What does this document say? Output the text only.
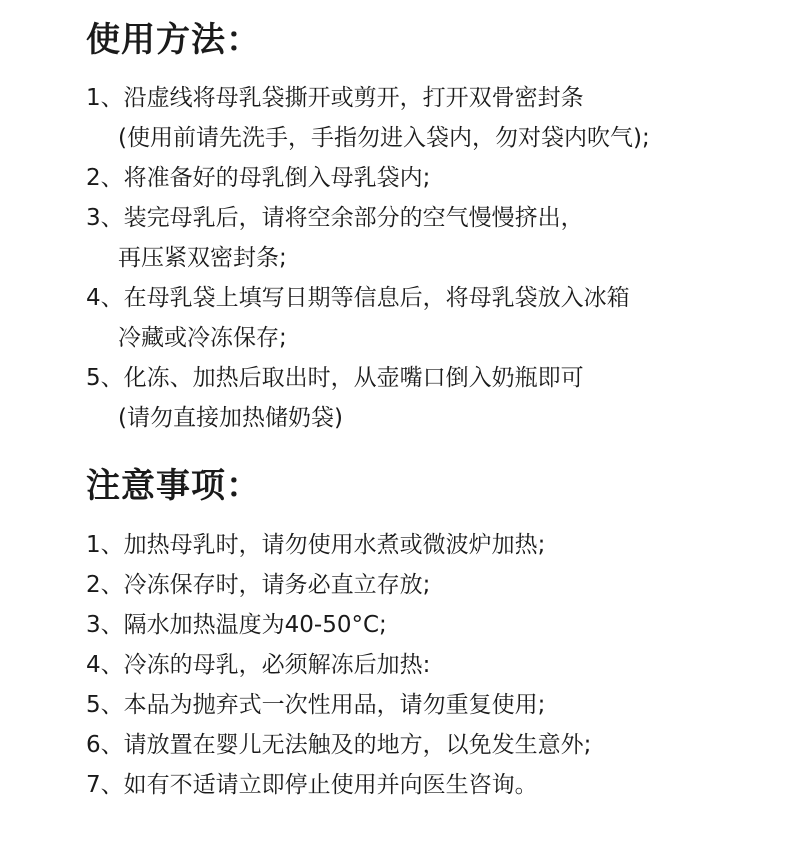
使用方法：

1、沿虚线将母乳袋撕开或剪开，打开双骨密封条

(使用前请先洗手，手指勿进入袋内，勿对袋内吹气);

2、将准备好的母乳倒入母乳袋内;

3、装完母乳后，请将空余部分的空气慢慢挤出，

再压紧双密封条;

4、在母乳袋上填写日期等信息后，将母乳袋放入冰箱

冷藏或冷冻保存;

5、化冻、加热后取出时，从壶嘴口倒入奶瓶即可

(请勿直接加热储奶袋)

注意事项：

1、加热母乳时，请勿使用水煮或微波炉加热;

2、冷冻保存时，请务必直立存放;

3、隔水加热温度为40-50°C;

4、冷冻的母乳，必须解冻后加热:

5、本品为抛弃式一次性用品，请勿重复使用;

6、请放置在婴儿无法触及的地方，以免发生意外;

7、如有不适请立即停止使用并向医生咨询。
